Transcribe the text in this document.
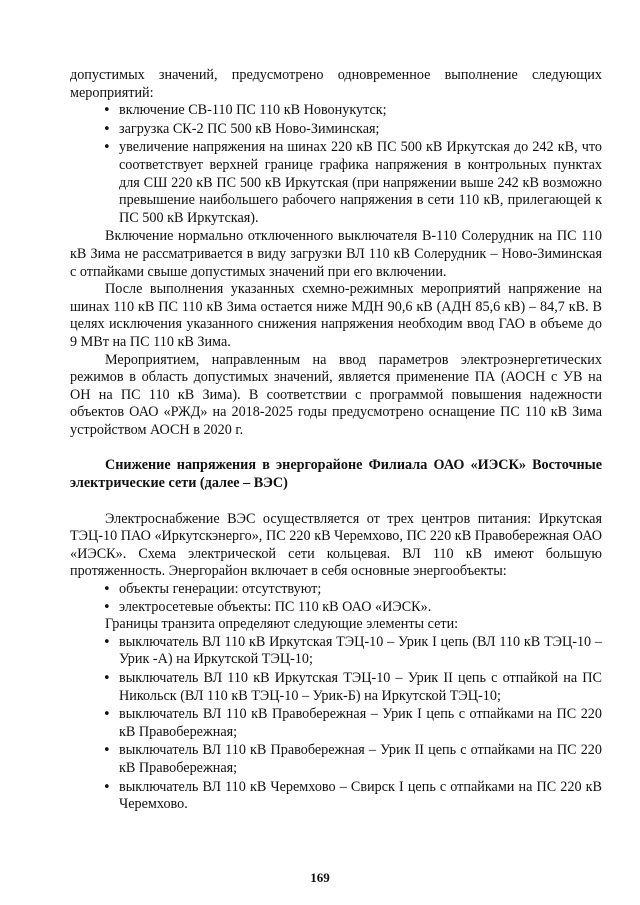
допустимых значений, предусмотрено одновременное выполнение следующих мероприятий:

• включение СВ-110 ПС 110 кВ Новонукутск;
• загрузка СК-2 ПС 500 кВ Ново-Зиминская;
• увеличение напряжения на шинах 220 кВ ПС 500 кВ Иркутская до 242 кВ, что соответствует верхней границе графика напряжения в контрольных пунктах для СШ 220 кВ ПС 500 кВ Иркутская (при напряжении выше 242 кВ возможно превышение наибольшего рабочего напряжения в сети 110 кВ, прилегающей к ПС 500 кВ Иркутская).

Включение нормально отключенного выключателя В-110 Солерудник на ПС 110 кВ Зима не рассматривается в виду загрузки ВЛ 110 кВ Солерудник – Ново-Зиминская с отпайками свыше допустимых значений при его включении.

После выполнения указанных схемно-режимных мероприятий напряжение на шинах 110 кВ ПС 110 кВ Зима остается ниже МДН 90,6 кВ (АДН 85,6 кВ) – 84,7 кВ. В целях исключения указанного снижения напряжения необходим ввод ГАО в объеме до 9 МВт на ПС 110 кВ Зима.

Мероприятием, направленным на ввод параметров электроэнергетических режимов в область допустимых значений, является применение ПА (АОСН с УВ на ОН на ПС 110 кВ Зима). В соответствии с программой повышения надежности объектов ОАО «РЖД» на 2018-2025 годы предусмотрено оснащение ПС 110 кВ Зима устройством АОСН в 2020 г.

Снижение напряжения в энергорайоне Филиала ОАО «ИЭСК» Восточные электрические сети (далее – ВЭС)

Электроснабжение ВЭС осуществляется от трех центров питания: Иркутская ТЭЦ-10 ПАО «Иркутскэнерго», ПС 220 кВ Черемхово, ПС 220 кВ Правобережная ОАО «ИЭСК». Схема электрической сети кольцевая. ВЛ 110 кВ имеют большую протяженность. Энергорайон включает в себя основные энергообъекты:

• объекты генерации: отсутствуют;
• электросетевые объекты: ПС 110 кВ ОАО «ИЭСК».

Границы транзита определяют следующие элементы сети:

• выключатель ВЛ 110 кВ Иркутская ТЭЦ-10 – Урик I цепь (ВЛ 110 кВ ТЭЦ-10 – Урик -А) на Иркутской ТЭЦ-10;
• выключатель ВЛ 110 кВ Иркутская ТЭЦ-10 – Урик II цепь с отпайкой на ПС Никольск (ВЛ 110 кВ ТЭЦ-10 – Урик-Б) на Иркутской ТЭЦ-10;
• выключатель ВЛ 110 кВ Правобережная – Урик I цепь с отпайками на ПС 220 кВ Правобережная;
• выключатель ВЛ 110 кВ Правобережная – Урик II цепь с отпайками на ПС 220 кВ Правобережная;
• выключатель ВЛ 110 кВ Черемхово – Свирск I цепь с отпайками на ПС 220 кВ Черемхово.
169
